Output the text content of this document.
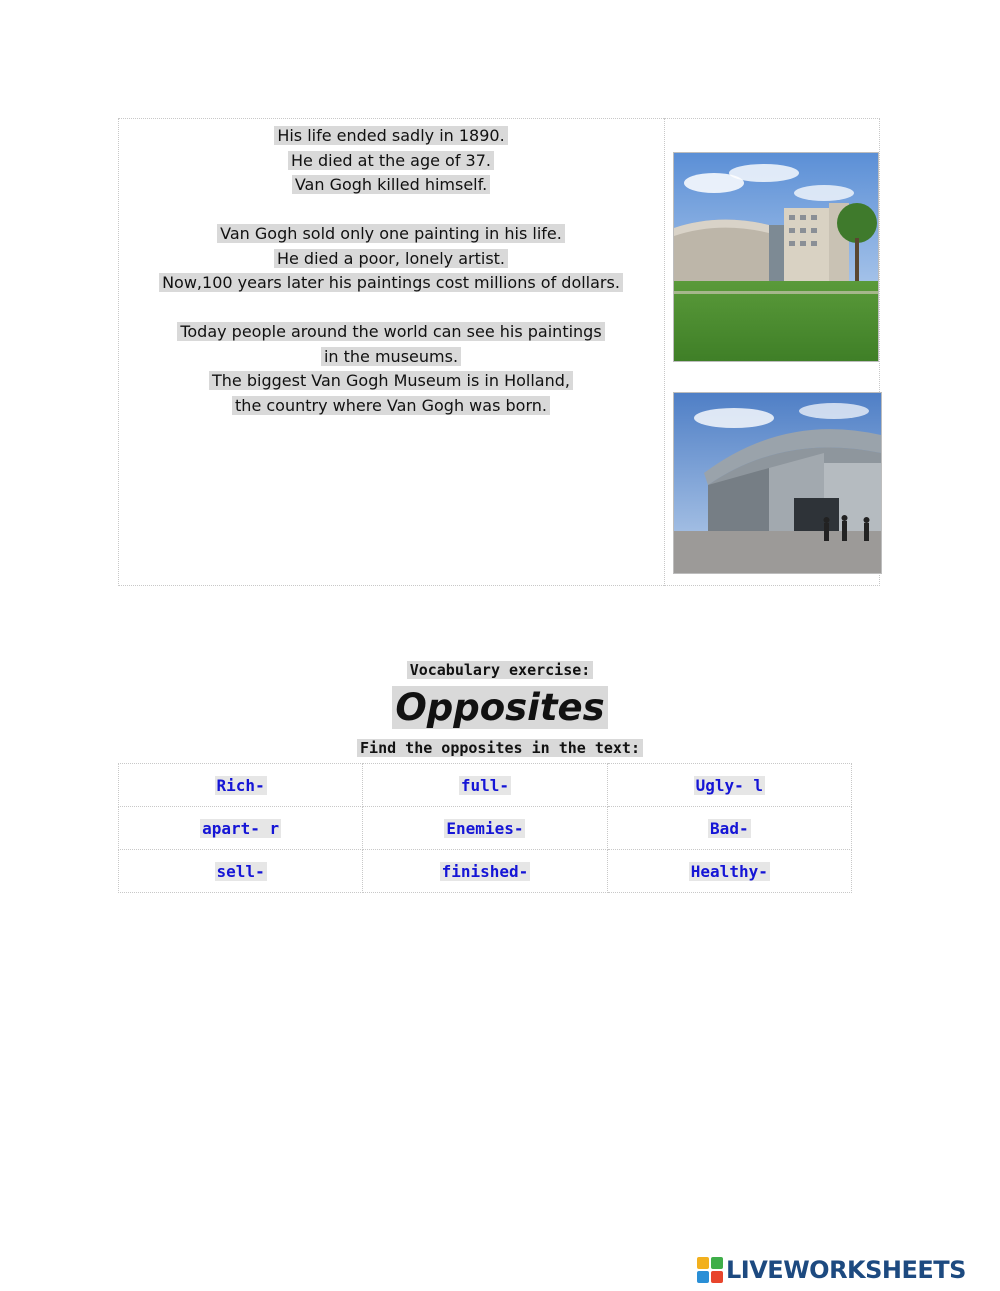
His life ended sadly in 1890.

He died at the age of 37.

Van Gogh killed himself.

Van Gogh sold only one painting in his life.

He died a poor, lonely artist.

Now,100 years later his paintings cost millions of dollars.

Today people around the world can see his paintings

in the museums.

The biggest Van Gogh Museum is in Holland,

the country where Van Gogh was born.

Vocabulary exercise:
Opposites
Find the opposites in the text:
Rich-	full-	Ugly- l
apart- r	Enemies-	Bad-
sell-	finished-	Healthy-
LIVEWORKSHEETS
